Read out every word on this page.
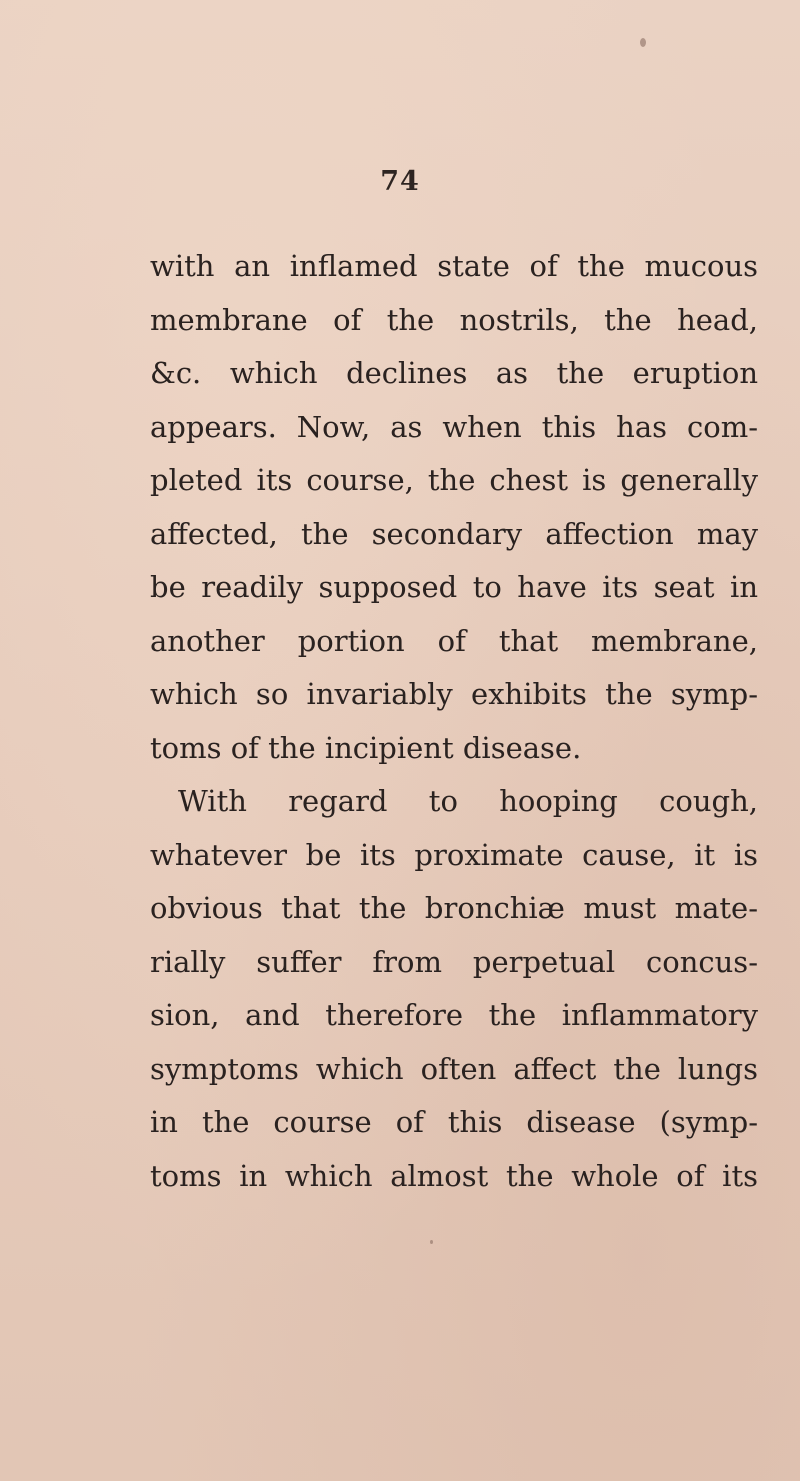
74
with an inflamed state of the mucous
membrane of the nostrils, the head,
&c. which declines as the eruption
appears. Now, as when this has com-
pleted its course, the chest is generally
affected, the secondary affection may
be readily supposed to have its seat in
another portion of that membrane,
which so invariably exhibits the symp-
toms of the incipient disease.
With regard to hooping cough,
whatever be its proximate cause, it is
obvious that the bronchiæ must mate-
rially suffer from perpetual concus-
sion, and therefore the inflammatory
symptoms which often affect the lungs
in the course of this disease (symp-
toms in which almost the whole of its
